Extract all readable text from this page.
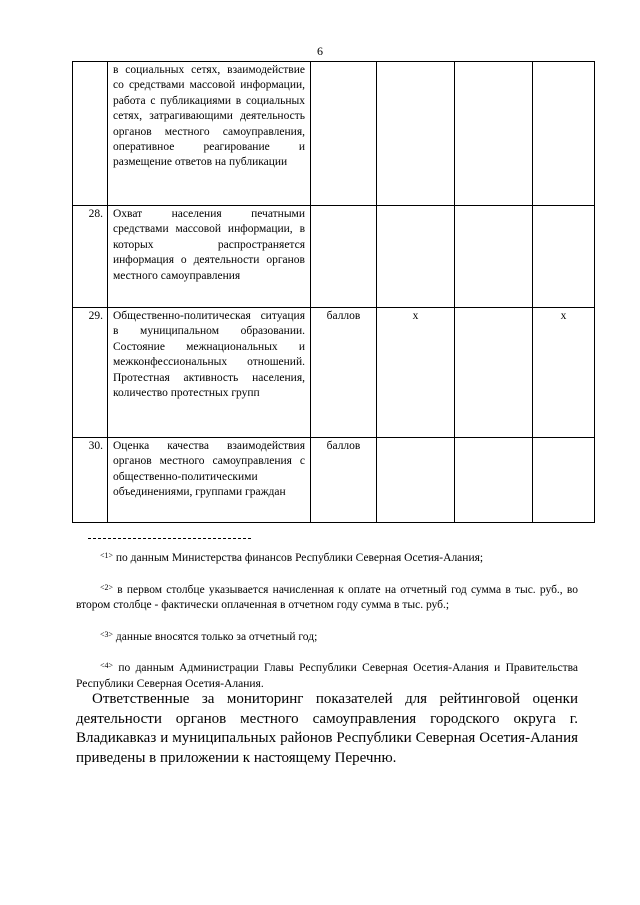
6
	в социальных сетях, взаимодействие со средствами массовой информации, работа с публикациями в социальных сетях, затрагивающими деятельность органов местного самоуправления, оперативное реагирование и размещение ответов на публикации				
28.	Охват населения печатными средствами массовой информации, в которых распространяется информация о деятельности органов местного самоуправления				
29.	Общественно-политическая ситуация в муниципальном образовании. Состояние межнациональных и межконфессиональных отношений. Протестная активность населения, количество протестных групп	баллов	x		x
30.	Оценка качества взаимодействия органов местного самоуправления с общественно-политическими объединениями, группами граждан	баллов			
$^{<1>}$ по данным Министерства финансов Республики Северная Осетия-Алания;
$^{<2>}$ в первом столбце указывается начисленная к оплате на отчетный год сумма в тыс. руб., во втором столбце - фактически оплаченная в отчетном году сумма в тыс. руб.;
$^{<3>}$ данные вносятся только за отчетный год;
$^{<4>}$ по данным Администрации Главы Республики Северная Осетия-Алания и Правительства Республики Северная Осетия-Алания.
Ответственные за мониторинг показателей для рейтинговой оценки деятельности органов местного самоуправления городского округа г. Владикавказ и муниципальных районов Республики Северная Осетия-Алания приведены в приложении к настоящему Перечню.
